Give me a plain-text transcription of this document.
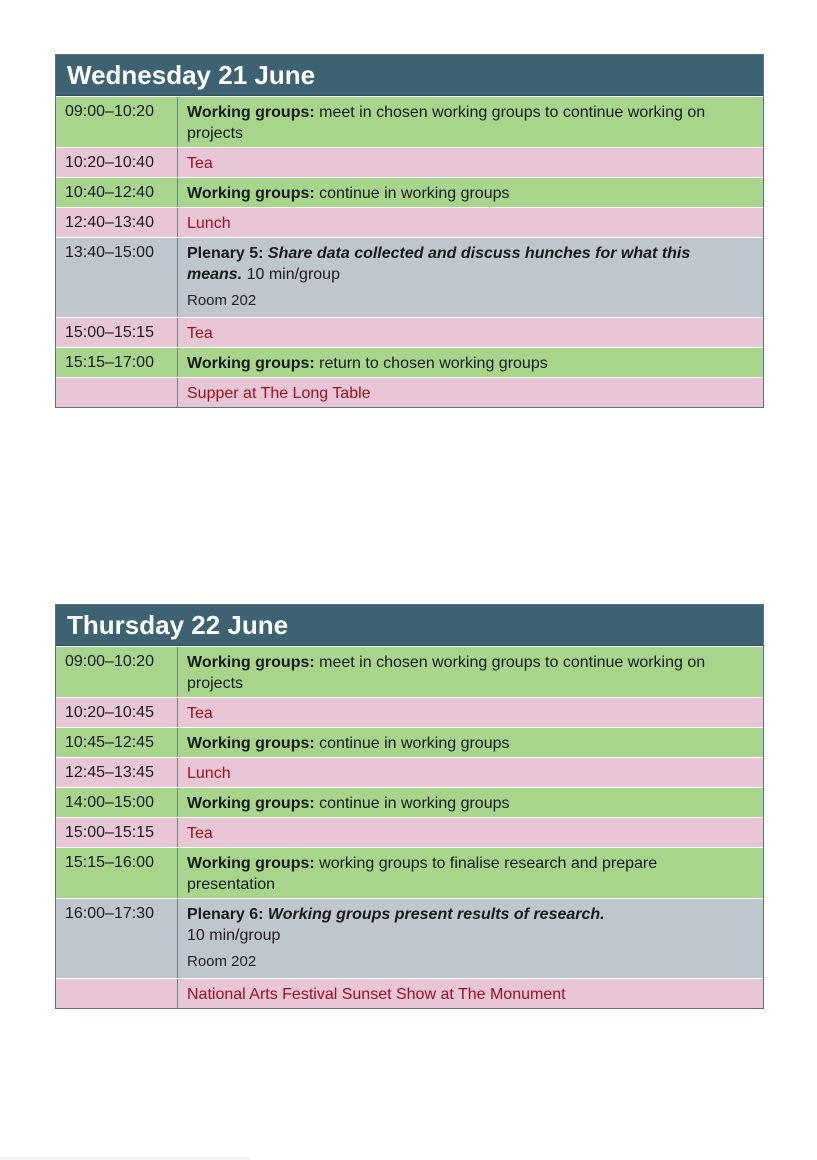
Wednesday 21 June
09:00–10:20	Working groups: meet in chosen working groups to continue working on projects
10:20–10:40	Tea
10:40–12:40	Working groups: continue in working groups
12:40–13:40	Lunch
13:40–15:00	Plenary 5: Share data collected and discuss hunches for what this means. 10 min/group
Room 202
15:00–15:15	Tea
15:15–17:00	Working groups: return to chosen working groups
Supper at The Long Table
Thursday 22 June
09:00–10:20	Working groups: meet in chosen working groups to continue working on projects
10:20–10:45	Tea
10:45–12:45	Working groups: continue in working groups
12:45–13:45	Lunch
14:00–15:00	Working groups: continue in working groups
15:00–15:15	Tea
15:15–16:00	Working groups: working groups to finalise research and prepare presentation
16:00–17:30	Plenary 6: Working groups present results of research.
10 min/group
Room 202
National Arts Festival Sunset Show at The Monument
